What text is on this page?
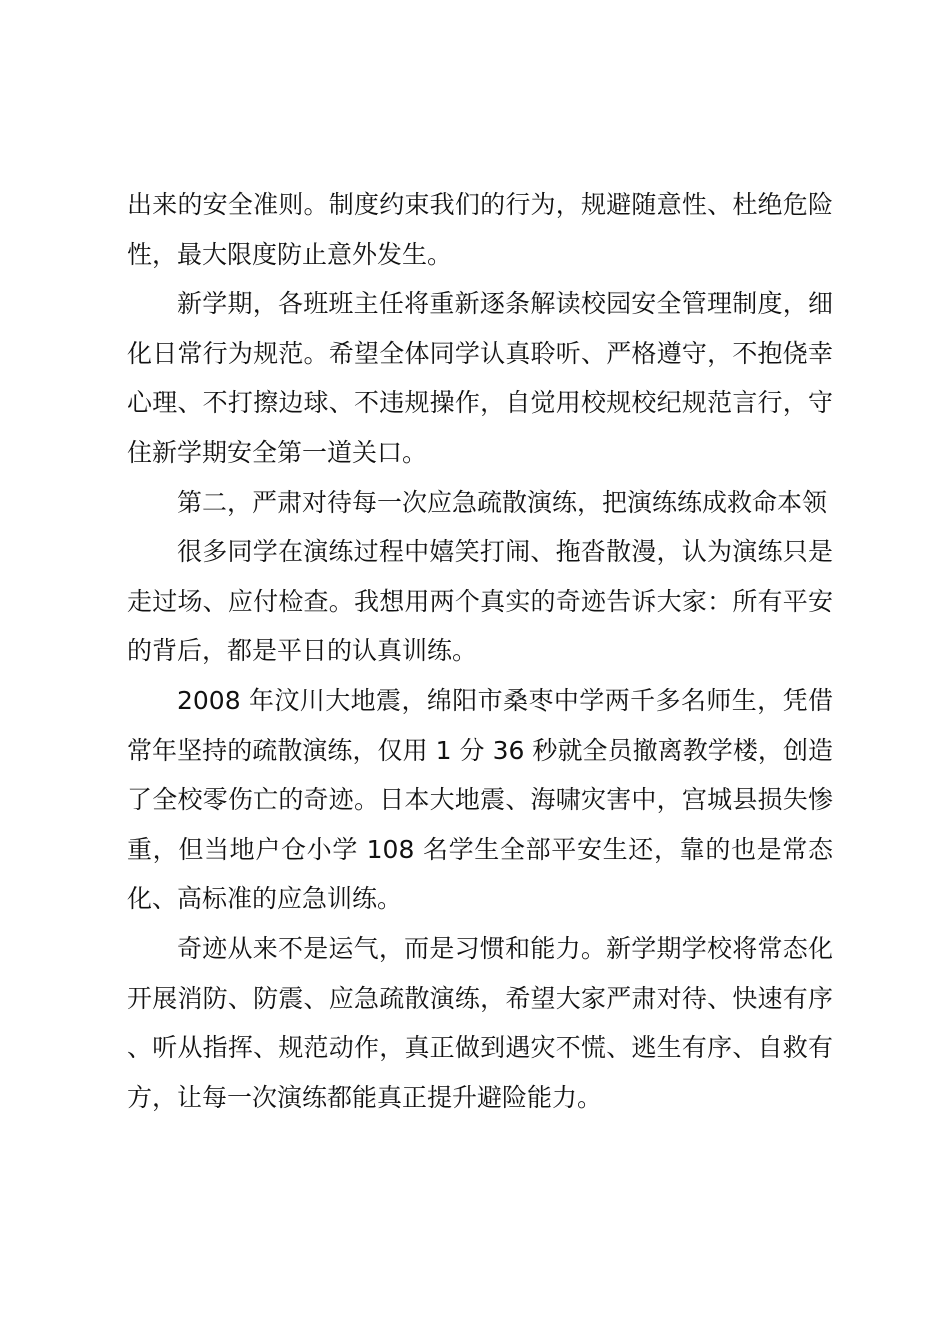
出来的安全准则。制度约束我们的行为，规避随意性、杜绝危险性，最大限度防止意外发生。

新学期，各班班主任将重新逐条解读校园安全管理制度，细化日常行为规范。希望全体同学认真聆听、严格遵守，不抱侥幸心理、不打擦边球、不违规操作，自觉用校规校纪规范言行，守住新学期安全第一道关口。

第二，严肃对待每一次应急疏散演练，把演练练成救命本领

很多同学在演练过程中嬉笑打闹、拖沓散漫，认为演练只是走过场、应付检查。我想用两个真实的奇迹告诉大家：所有平安的背后，都是平日的认真训练。

2008 年汶川大地震，绵阳市桑枣中学两千多名师生，凭借常年坚持的疏散演练，仅用 1 分 36 秒就全员撤离教学楼，创造了全校零伤亡的奇迹。日本大地震、海啸灾害中，宫城县损失惨重，但当地户仓小学 108 名学生全部平安生还，靠的也是常态化、高标准的应急训练。

奇迹从来不是运气，而是习惯和能力。新学期学校将常态化开展消防、防震、应急疏散演练，希望大家严肃对待、快速有序、听从指挥、规范动作，真正做到遇灾不慌、逃生有序、自救有方，让每一次演练都能真正提升避险能力。
